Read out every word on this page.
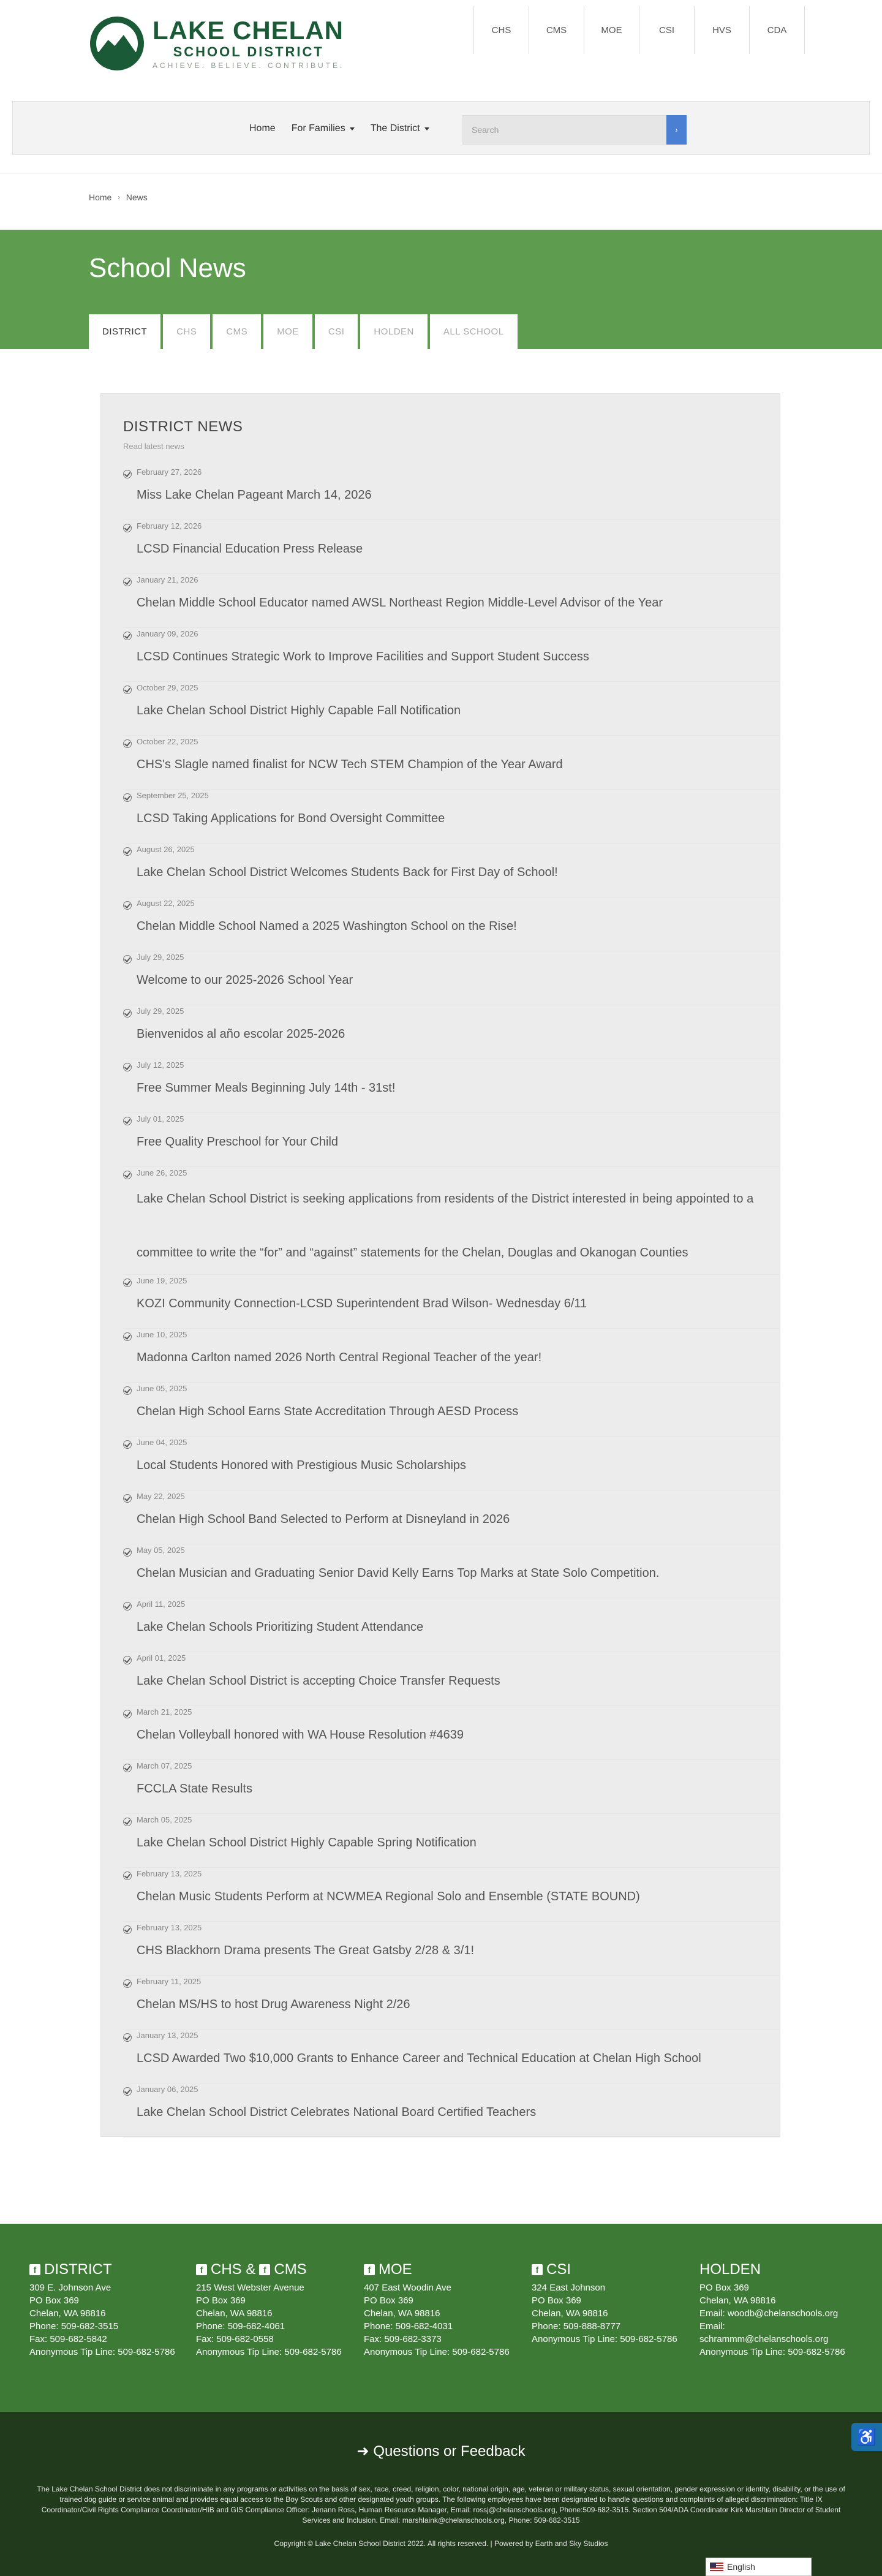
LAKE CHELAN
SCHOOL DISTRICT
ACHIEVE. BELIEVE. CONTRIBUTE.
CHS	CMS	MOE	CSI	HVS	CDA
Home For Families	The District	Search	›
Home › News
School News
DISTRICT	CHS	CMS	MOE	CSI	HOLDEN	ALL SCHOOL
DISTRICT NEWS
Read latest news
February 27, 2026
Miss Lake Chelan Pageant March 14, 2026
February 12, 2026
LCSD Financial Education Press Release
January 21, 2026
Chelan Middle School Educator named AWSL Northeast Region Middle-Level Advisor of the Year
January 09, 2026
LCSD Continues Strategic Work to Improve Facilities and Support Student Success
October 29, 2025
Lake Chelan School District Highly Capable Fall Notification
October 22, 2025
CHS's Slagle named finalist for NCW Tech STEM Champion of the Year Award
September 25, 2025
LCSD Taking Applications for Bond Oversight Committee
August 26, 2025
Lake Chelan School District Welcomes Students Back for First Day of School!
August 22, 2025
Chelan Middle School Named a 2025 Washington School on the Rise!
July 29, 2025
Welcome to our 2025-2026 School Year
July 29, 2025
Bienvenidos al año escolar 2025-2026
July 12, 2025
Free Summer Meals Beginning July 14th - 31st!
July 01, 2025
Free Quality Preschool for Your Child
June 26, 2025
Lake Chelan School District is seeking applications from residents of the District interested in being appointed to a committee to write the “for” and “against” statements for the Chelan, Douglas and Okanogan Counties
June 19, 2025
KOZI Community Connection-LCSD Superintendent Brad Wilson- Wednesday 6/11
June 10, 2025
Madonna Carlton named 2026 North Central Regional Teacher of the year!
June 05, 2025
Chelan High School Earns State Accreditation Through AESD Process
June 04, 2025
Local Students Honored with Prestigious Music Scholarships
May 22, 2025
Chelan High School Band Selected to Perform at Disneyland in 2026
May 05, 2025
Chelan Musician and Graduating Senior David Kelly Earns Top Marks at State Solo Competition.
April 11, 2025
Lake Chelan Schools Prioritizing Student Attendance
April 01, 2025
Lake Chelan School District is accepting Choice Transfer Requests
March 21, 2025
Chelan Volleyball honored with WA House Resolution #4639
March 07, 2025
FCCLA State Results
March 05, 2025
Lake Chelan School District Highly Capable Spring Notification
February 13, 2025
Chelan Music Students Perform at NCWMEA Regional Solo and Ensemble (STATE BOUND)
February 13, 2025
CHS Blackhorn Drama presents The Great Gatsby 2/28 & 3/1!
February 11, 2025
Chelan MS/HS to host Drug Awareness Night 2/26
January 13, 2025
LCSD Awarded Two $10,000 Grants to Enhance Career and Technical Education at Chelan High School
January 06, 2025
Lake Chelan School District Celebrates National Board Certified Teachers
f DISTRICT
309 E. Johnson Ave
PO Box 369
Chelan, WA 98816
Phone: 509-682-3515
Fax: 509-682-5842
Anonymous Tip Line: 509-682-5786
f CHS & f CMS
215 West Webster Avenue
PO Box 369
Chelan, WA 98816
Phone: 509-682-4061
Fax: 509-682-0558
Anonymous Tip Line: 509-682-5786
f MOE
407 East Woodin Ave
PO Box 369
Chelan, WA 98816
Phone: 509-682-4031
Fax: 509-682-3373
Anonymous Tip Line: 509-682-5786
f CSI
324 East Johnson
PO Box 369
Chelan, WA 98816
Phone: 509-888-8777
Anonymous Tip Line: 509-682-5786
HOLDEN
PO Box 369
Chelan, WA 98816
Email: woodb@chelanschools.org
Email: schrammm@chelanschools.org
Anonymous Tip Line: 509-682-5786
➜ Questions or Feedback
The Lake Chelan School District does not discriminate in any programs or activities on the basis of sex, race, creed, religion, color, national origin, age, veteran or military status, sexual orientation, gender expression or identity, disability, or the use of trained dog guide or service animal and provides equal access to the Boy Scouts and other designated youth groups. The following employees have been designated to handle questions and complaints of alleged discrimination: Title IX Coordinator/Civil Rights Compliance Coordinator/HIB and GIS Compliance Officer: Jenann Ross, Human Resource Manager, Email: rossj@chelanschools.org, Phone:509-682-3515. Section 504/ADA Coordinator Kirk Marshlain Director of Student Services and Inclusion. Email: marshlaink@chelanschools.org, Phone: 509-682-3515
Copyright © Lake Chelan School District 2022. All rights reserved. | Powered by Earth and Sky Studios
English
♿
